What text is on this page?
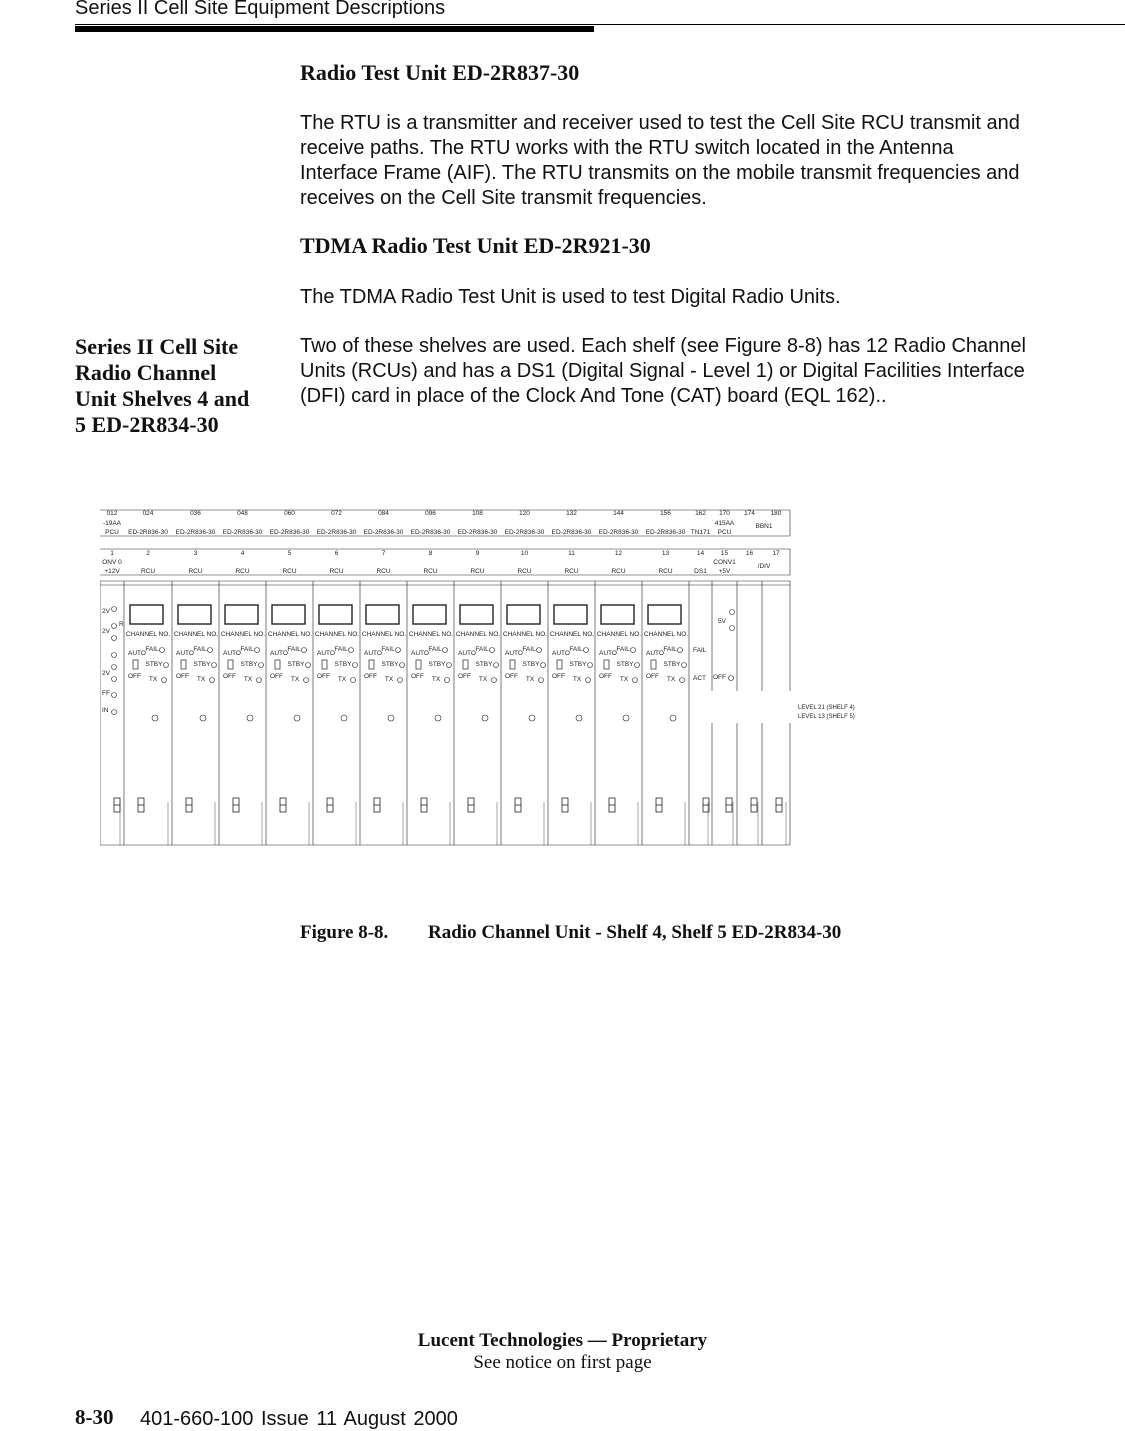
Series II Cell Site Equipment Descriptions
Radio Test Unit ED-2R837-30
The RTU is a transmitter and receiver used to test the Cell Site RCU transmit and
receive paths. The RTU works with the RTU switch located in the Antenna
Interface Frame (AIF). The RTU transmits on the mobile transmit frequencies and
receives on the Cell Site transmit frequencies.
TDMA Radio Test Unit ED-2R921-30
The TDMA Radio Test Unit is used to test Digital Radio Units.
Series II Cell Site
Radio Channel
Unit Shelves 4 and
5 ED-2R834-30
Two of these shelves are used. Each shelf (see Figure 8-8) has 12 Radio Channel
Units (RCUs) and has a DS1 (Digital Signal - Level 1) or Digital Facilities Interface
(DFI) card in place of the Clock And Tone (CAT) board (EQL 162)..
012	024	036	048	060	072	084	096	108	120	132	144	156	162 170 174 180
-19AA
PCU ED-2R836-30 ED-2R836-30 ED-2R836-30 ED-2R836-30 ED-2R836-30 ED-2R836-30 ED-2R836-30 ED-2R836-30 ED-2R836-30 ED-2R836-30 ED-2R836-30 ED-2R836-30 TN171
415AA
PCU
BBN1
1	2	3	4	5	6	7	8	9	10	11	12	13	14	15	16	17
ONV 0
+12V	RCU	RCU	RCU	RCU	RCU	RCU	RCU	RCU	RCU	RCU	RCU	RCU	DS1
CONV1
+5V
/DIV
2V
2V
2V
FF
IN
R
CHANNEL NO.
AUTO
FAIL
STBY
OFF TX
CHANNEL NO.
AUTO
FAIL
STBY
OFF TX
CHANNEL NO.
AUTO
FAIL
STBY
OFF TX
CHANNEL NO.
AUTO
FAIL
STBY
OFF TX
CHANNEL NO.
AUTO
FAIL
STBY
OFF TX
CHANNEL NO.
AUTO
FAIL
STBY
OFF TX
CHANNEL NO.
AUTO
FAIL
STBY
OFF TX
CHANNEL NO.
AUTO
FAIL
STBY
OFF TX
CHANNEL NO.
AUTO
FAIL
STBY
OFF TX
CHANNEL NO.
AUTO
FAIL
STBY
OFF TX
CHANNEL NO.
AUTO
FAIL
STBY
OFF TX
CHANNEL NO.
AUTO
FAIL
STBY
OFF TX
FAIL
ACT
5V
OFF
LEVEL 21 (SHELF 4)
LEVEL 13 (SHELF 5)
Figure 8-8. Radio Channel Unit - Shelf 4, Shelf 5 ED-2R834-30
Lucent Technologies — Proprietary
See notice on first page
8-30 401-660-100 Issue 11 August 2000
